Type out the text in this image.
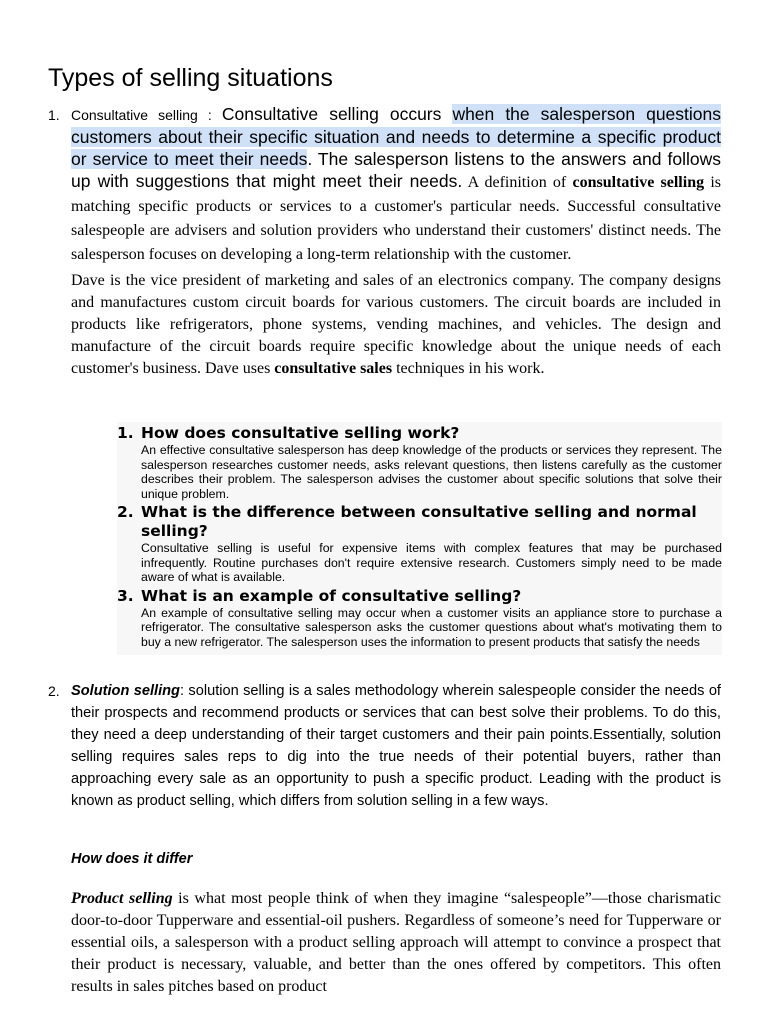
Types of selling situations
1. Consultative selling : Consultative selling occurs when the salesperson questions customers about their specific situation and needs to determine a specific product or service to meet their needs. The salesperson listens to the answers and follows up with suggestions that might meet their needs. A definition of consultative selling is matching specific products or services to a customer's particular needs. Successful consultative salespeople are advisers and solution providers who understand their customers' distinct needs. The salesperson focuses on developing a long-term relationship with the customer.

Dave is the vice president of marketing and sales of an electronics company. The company designs and manufactures custom circuit boards for various customers. The circuit boards are included in products like refrigerators, phone systems, vending machines, and vehicles. The design and manufacture of the circuit boards require specific knowledge about the unique needs of each customer's business. Dave uses consultative sales techniques in his work.

1. How does consultative selling work?

An effective consultative salesperson has deep knowledge of the products or services they represent. The salesperson researches customer needs, asks relevant questions, then listens carefully as the customer describes their problem. The salesperson advises the customer about specific solutions that solve their unique problem.

2. What is the difference between consultative selling and normal selling?

Consultative selling is useful for expensive items with complex features that may be purchased infrequently. Routine purchases don't require extensive research. Customers simply need to be made aware of what is available.

3. What is an example of consultative selling?

An example of consultative selling may occur when a customer visits an appliance store to purchase a refrigerator. The consultative salesperson asks the customer questions about what's motivating them to buy a new refrigerator. The salesperson uses the information to present products that satisfy the needs

2. Solution selling: solution selling is a sales methodology wherein salespeople consider the needs of their prospects and recommend products or services that can best solve their problems. To do this, they need a deep understanding of their target customers and their pain points.Essentially, solution selling requires sales reps to dig into the true needs of their potential buyers, rather than approaching every sale as an opportunity to push a specific product. Leading with the product is known as product selling, which differs from solution selling in a few ways.

How does it differ

Product selling is what most people think of when they imagine “salespeople”—those charismatic door-to-door Tupperware and essential-oil pushers. Regardless of someone’s need for Tupperware or essential oils, a salesperson with a product selling approach will attempt to convince a prospect that their product is necessary, valuable, and better than the ones offered by competitors. This often results in sales pitches based on product
